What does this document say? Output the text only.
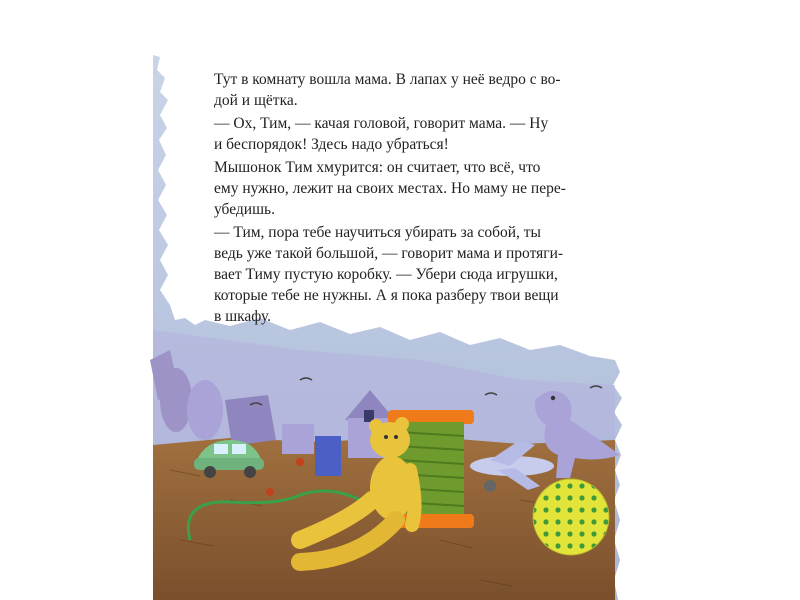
Тут в комнату вошла мама. В лапах у неё ведро с во-
дой и щётка.

— Ох, Тим, — качая головой, говорит мама. — Ну
и беспорядок! Здесь надо убраться!

Мышонок Тим хмурится: он считает, что всё, что
ему нужно, лежит на своих местах. Но маму не пере-
убедишь.

— Тим, пора тебе научиться убирать за собой, ты
ведь уже такой большой, — говорит мама и протяги-
вает Тиму пустую коробку. — Убери сюда игрушки,
которые тебе не нужны. А я пока разберу твои вещи
в шкафу.
